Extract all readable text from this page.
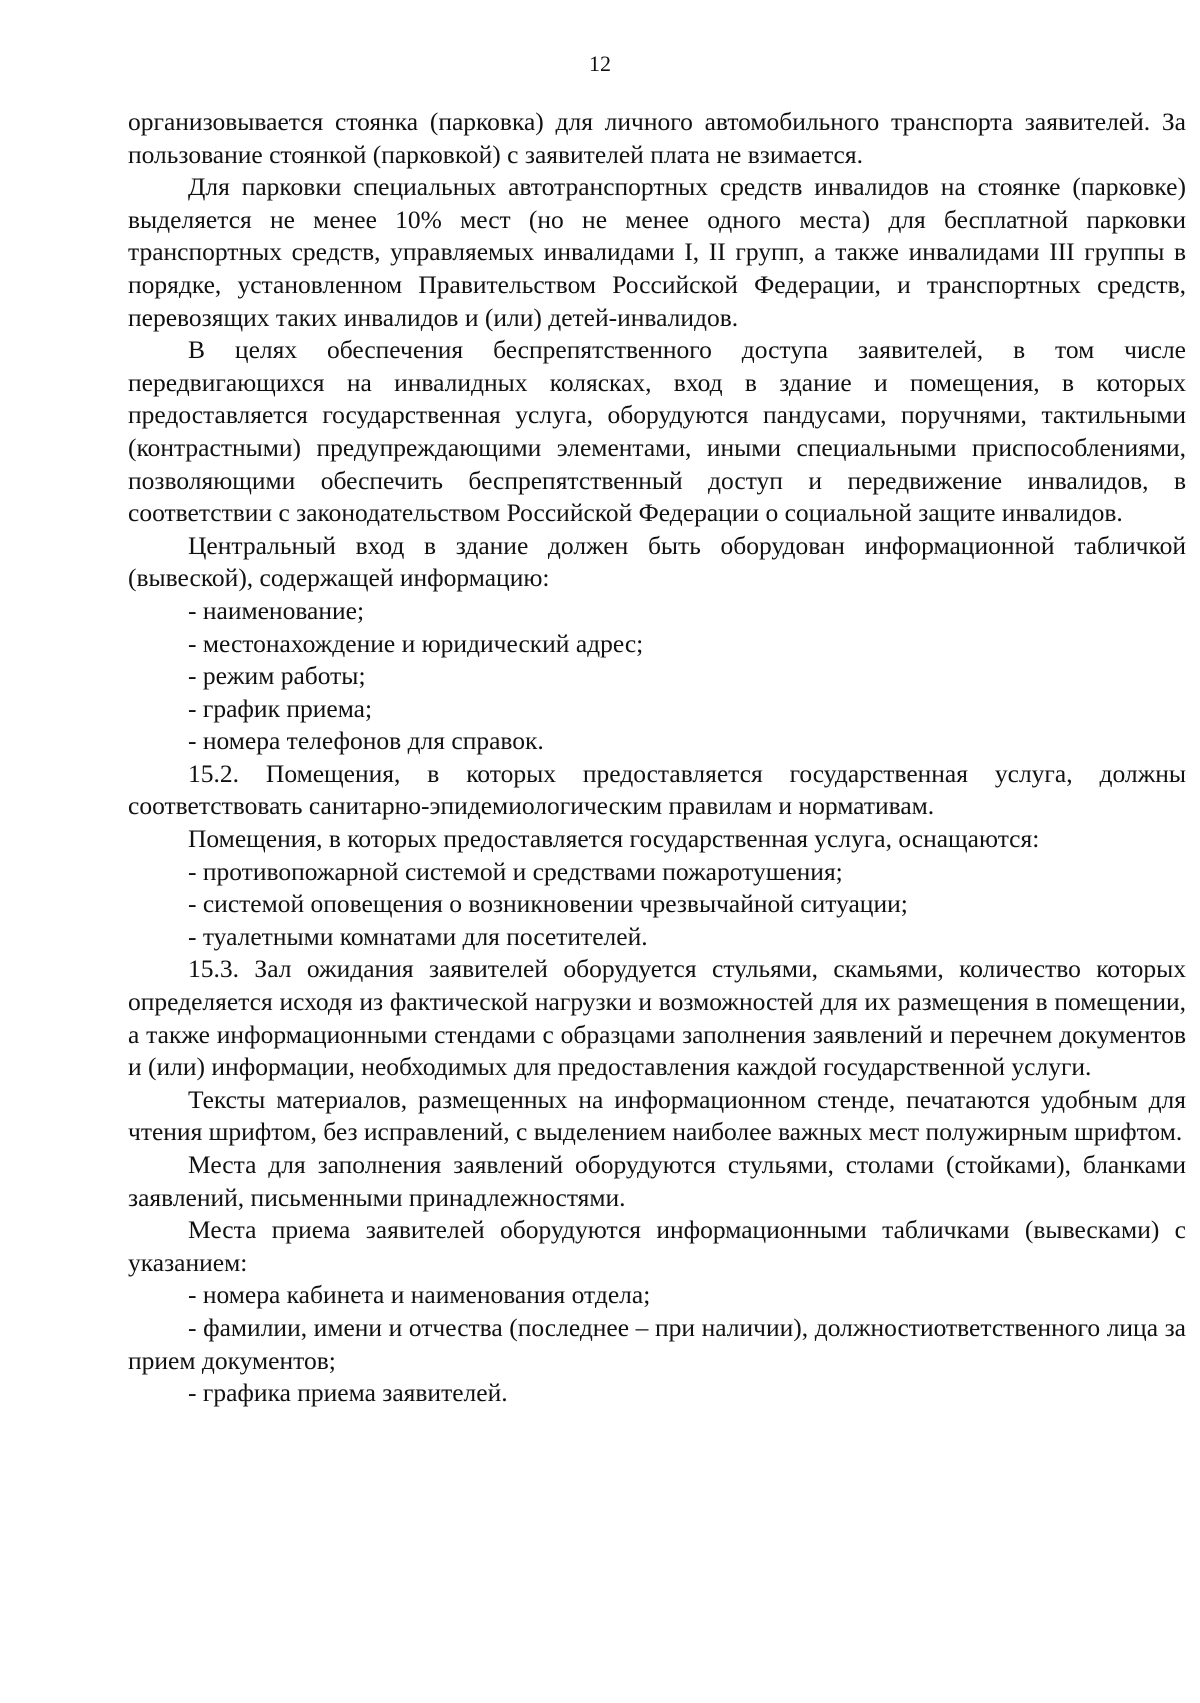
12

организовывается стоянка (парковка) для личного автомобильного транспорта заявителей. За пользование стоянкой (парковкой) с заявителей плата не взимается.

Для парковки специальных автотранспортных средств инвалидов на стоянке (парковке) выделяется не менее 10% мест (но не менее одного места) для бесплатной парковки транспортных средств, управляемых инвалидами I, II групп, а также инвалидами III группы в порядке, установленном Правительством Российской Федерации, и транспортных средств, перевозящих таких инвалидов и (или) детей-инвалидов.

В целях обеспечения беспрепятственного доступа заявителей, в том числе передвигающихся на инвалидных колясках, вход в здание и помещения, в которых предоставляется государственная услуга, оборудуются пандусами, поручнями, тактильными (контрастными) предупреждающими элементами, иными специальными приспособлениями, позволяющими обеспечить беспрепятственный доступ и передвижение инвалидов, в соответствии с законодательством Российской Федерации о социальной защите инвалидов.

Центральный вход в здание должен быть оборудован информационной табличкой (вывеской), содержащей информацию:

- наименование;

- местонахождение и юридический адрес;

- режим работы;

- график приема;

- номера телефонов для справок.

15.2. Помещения, в которых предоставляется государственная услуга, должны соответствовать санитарно-эпидемиологическим правилам и нормативам.

Помещения, в которых предоставляется государственная услуга, оснащаются:

- противопожарной системой и средствами пожаротушения;

- системой оповещения о возникновении чрезвычайной ситуации;

- туалетными комнатами для посетителей.

15.3. Зал ожидания заявителей оборудуется стульями, скамьями, количество которых определяется исходя из фактической нагрузки и возможностей для их размещения в помещении, а также информационными стендами с образцами заполнения заявлений и перечнем документов и (или) информации, необходимых для предоставления каждой государственной услуги.

Тексты материалов, размещенных на информационном стенде, печатаются удобным для чтения шрифтом, без исправлений, с выделением наиболее важных мест полужирным шрифтом.

Места для заполнения заявлений оборудуются стульями, столами (стойками), бланками заявлений, письменными принадлежностями.

Места приема заявителей оборудуются информационными табличками (вывесками) с указанием:

- номера кабинета и наименования отдела;

- фамилии, имени и отчества (последнее – при наличии), должностиответственного лица за прием документов;

- графика приема заявителей.
